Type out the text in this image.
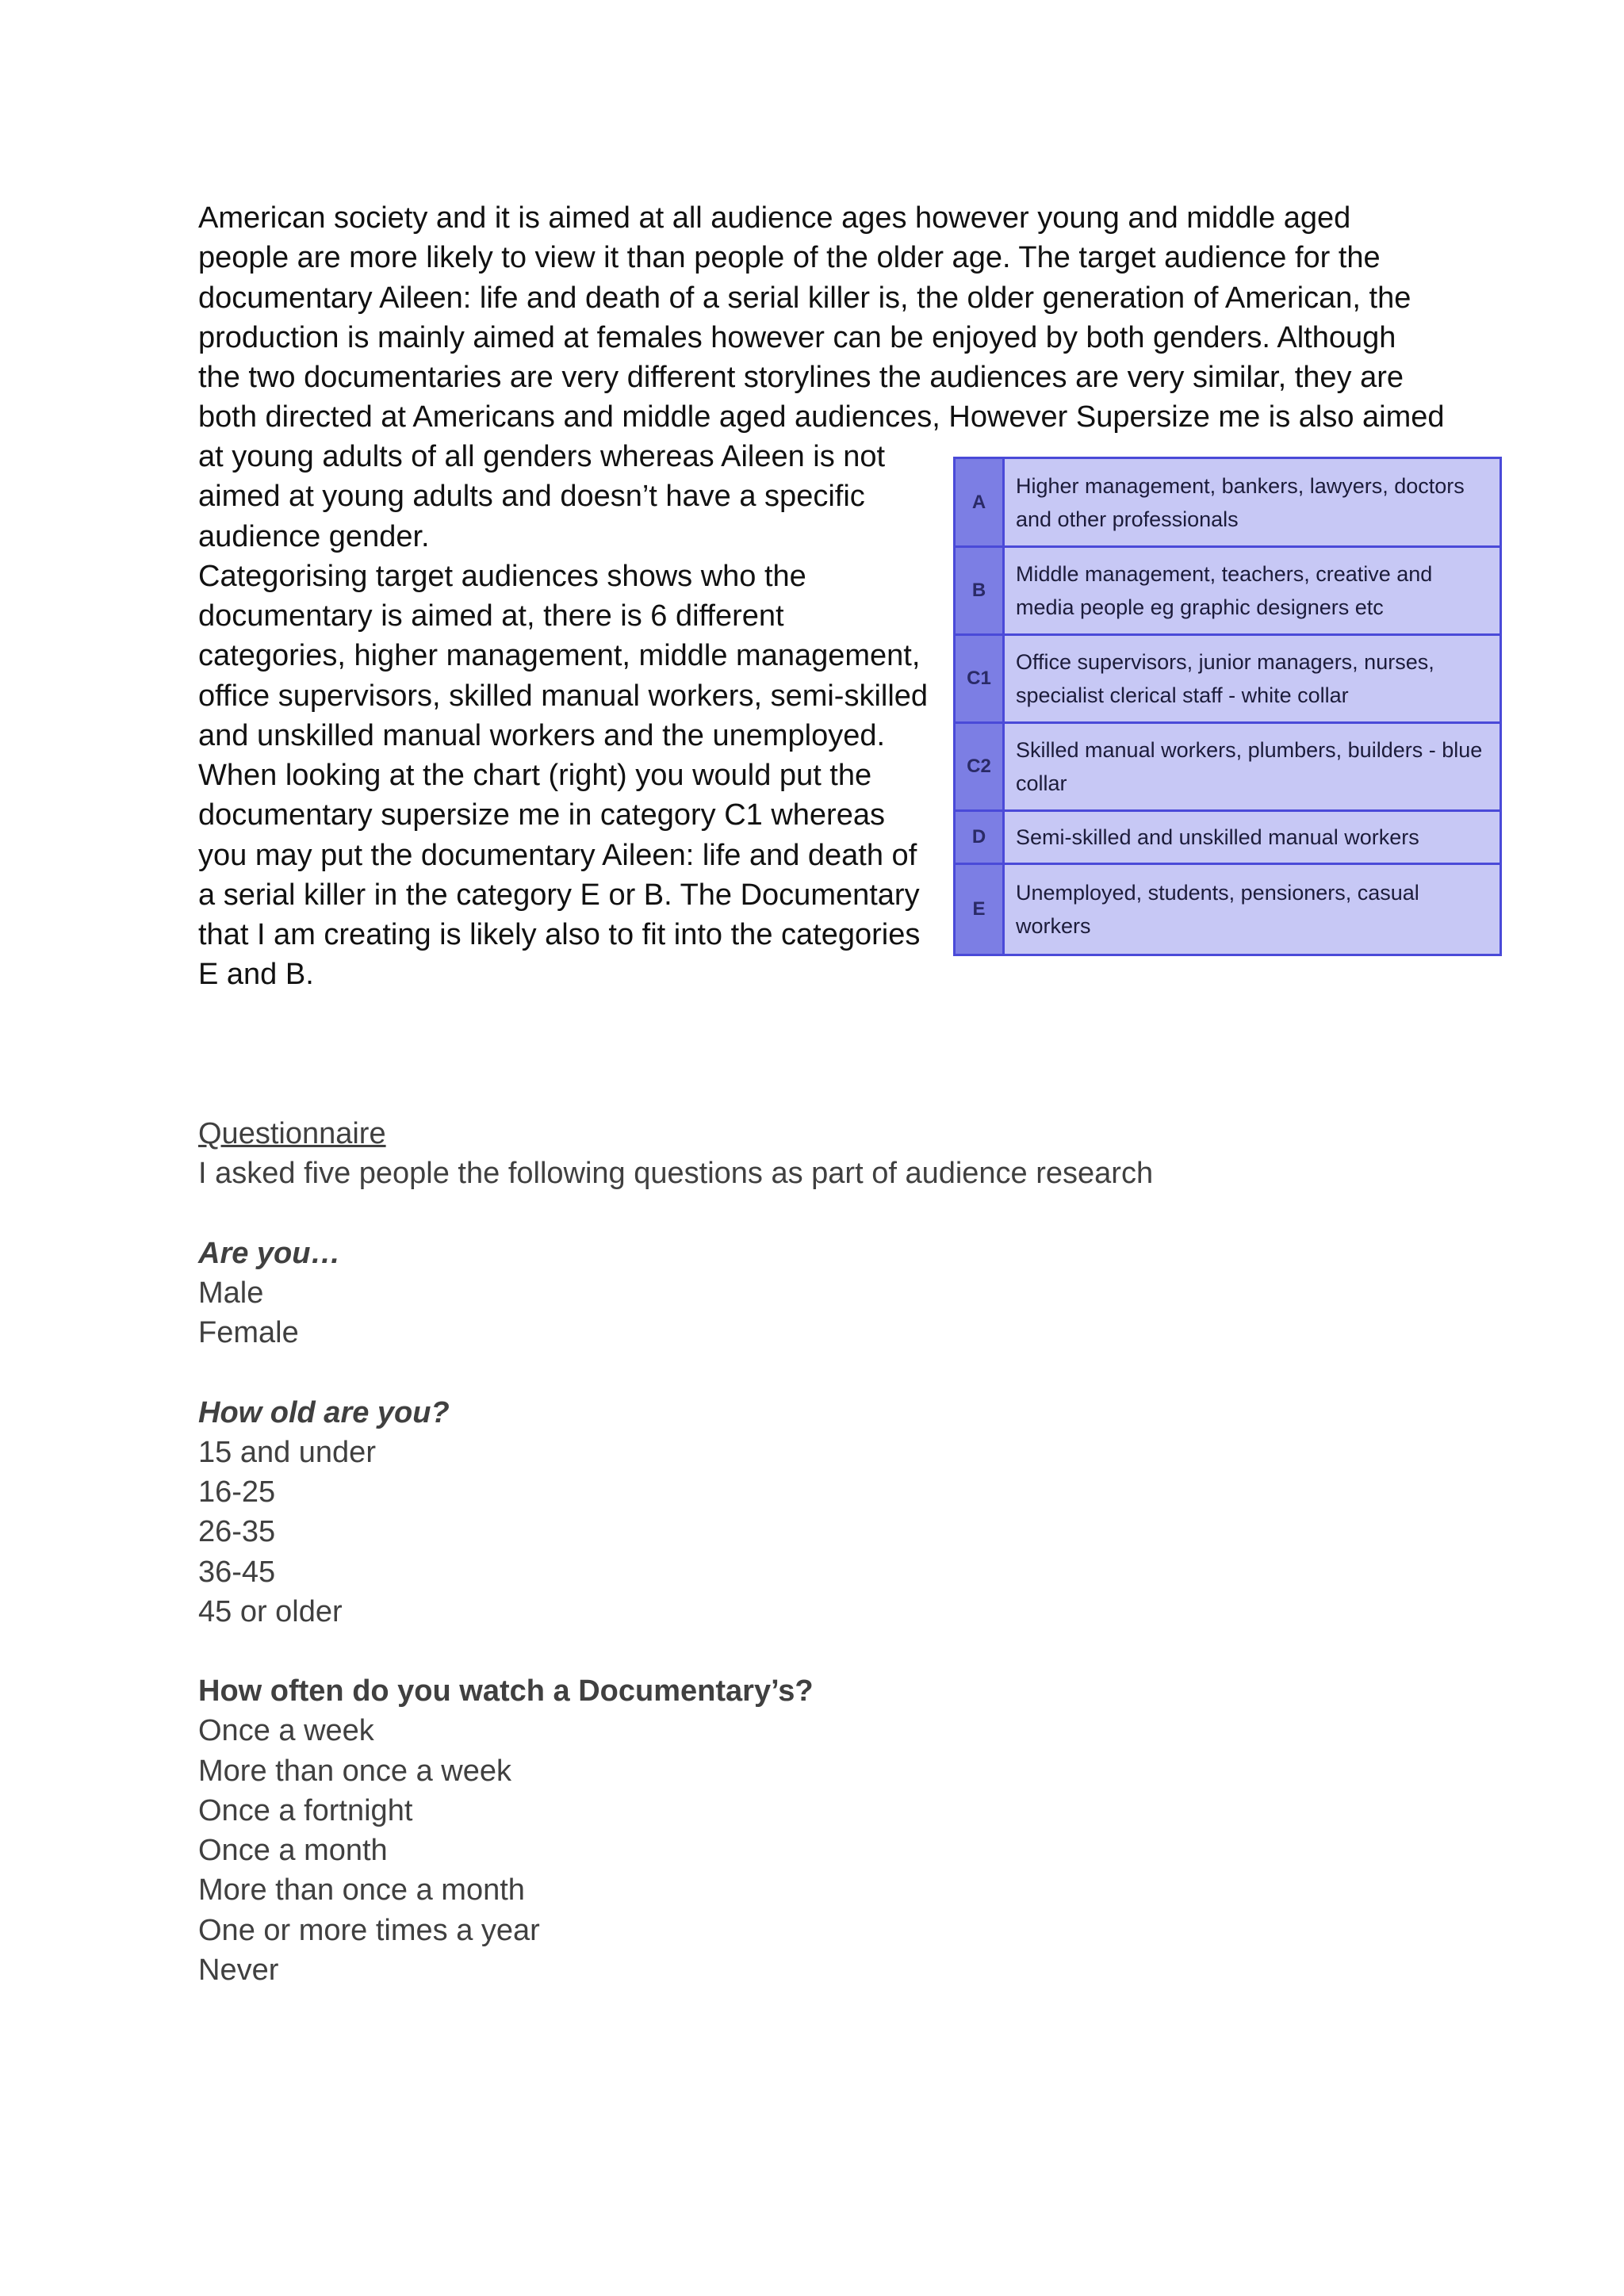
American society and it is aimed at all audience ages however young and middle aged
people are more likely to view it than people of the older age. The target audience for the
documentary Aileen: life and death of a serial killer is, the older generation of American, the
production is mainly aimed at females however can be enjoyed by both genders. Although
the two documentaries are very different storylines the audiences are very similar, they are
both directed at Americans and middle aged audiences, However Supersize me is also aimed
at young adults of all genders whereas Aileen is not
aimed at young adults and doesn’t have a specific
audience gender.
Categorising target audiences shows who the
documentary is aimed at, there is 6 different
categories, higher management, middle management,
office supervisors, skilled manual workers, semi-skilled
and unskilled manual workers and the unemployed.
When looking at the chart (right) you would put the
documentary supersize me in category C1 whereas
you may put the documentary Aileen: life and death of
a serial killer in the category E or B. The Documentary
that I am creating is likely also to fit into the categories
E and B.
A
Higher management, bankers, lawyers, doctors and other professionals
B
Middle management, teachers, creative and media people eg graphic designers etc
C1
Office supervisors, junior managers, nurses, specialist clerical staff - white collar
C2
Skilled manual workers, plumbers, builders - blue collar
D	Semi-skilled and unskilled manual workers
E
Unemployed, students, pensioners, casual workers
Questionnaire
I asked five people the following questions as part of audience research
Are you…
Male
Female
How old are you?
15 and under
16-25
26-35
36-45
45 or older
How often do you watch a Documentary’s?
Once a week
More than once a week
Once a fortnight
Once a month
More than once a month
One or more times a year
Never
